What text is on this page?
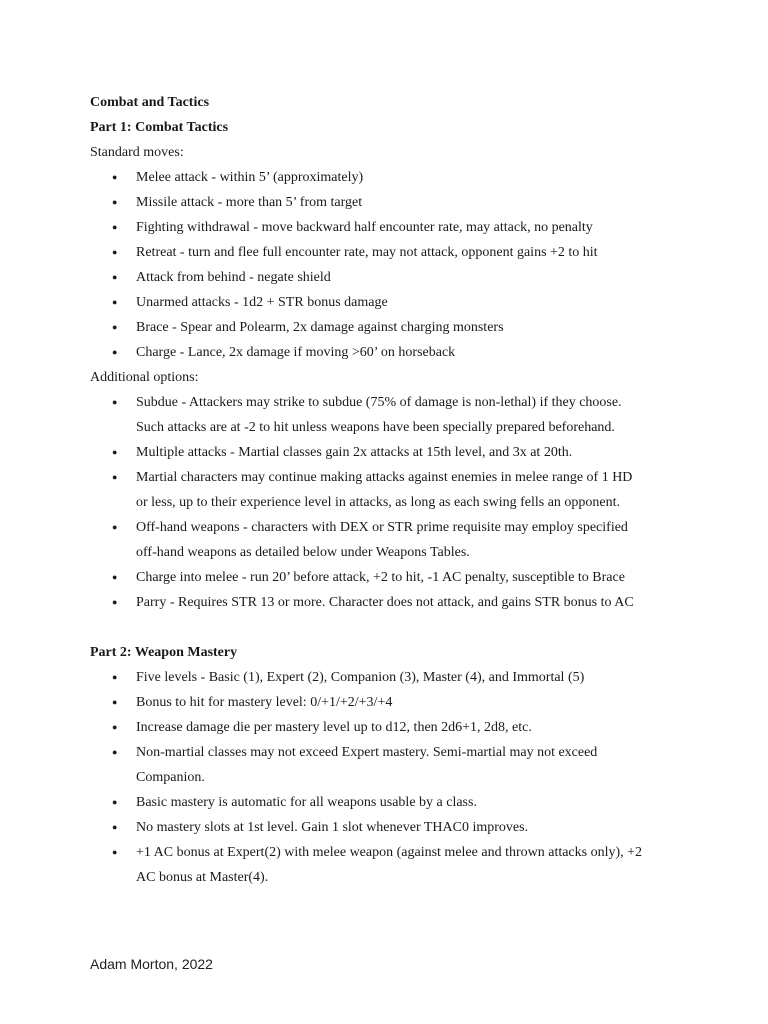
Combat and Tactics
Part 1: Combat Tactics
Standard moves:
● Melee attack - within 5’ (approximately)
● Missile attack - more than 5’ from target
● Fighting withdrawal - move backward half encounter rate, may attack, no penalty
● Retreat - turn and flee full encounter rate, may not attack, opponent gains +2 to hit
● Attack from behind - negate shield
● Unarmed attacks - 1d2 + STR bonus damage
● Brace - Spear and Polearm, 2x damage against charging monsters
● Charge - Lance, 2x damage if moving >60’ on horseback
Additional options:
● Subdue - Attackers may strike to subdue (75% of damage is non-lethal) if they choose.
Such attacks are at -2 to hit unless weapons have been specially prepared beforehand.
● Multiple attacks - Martial classes gain 2x attacks at 15th level, and 3x at 20th.
● Martial characters may continue making attacks against enemies in melee range of 1 HD
or less, up to their experience level in attacks, as long as each swing fells an opponent.
● Off-hand weapons - characters with DEX or STR prime requisite may employ specified
off-hand weapons as detailed below under Weapons Tables.
● Charge into melee - run 20’ before attack, +2 to hit, -1 AC penalty, susceptible to Brace
● Parry - Requires STR 13 or more. Character does not attack, and gains STR bonus to AC
Part 2: Weapon Mastery
● Five levels - Basic (1), Expert (2), Companion (3), Master (4), and Immortal (5)
● Bonus to hit for mastery level: 0/+1/+2/+3/+4
● Increase damage die per mastery level up to d12, then 2d6+1, 2d8, etc.
● Non-martial classes may not exceed Expert mastery. Semi-martial may not exceed
Companion.
● Basic mastery is automatic for all weapons usable by a class.
● No mastery slots at 1st level. Gain 1 slot whenever THAC0 improves.
● +1 AC bonus at Expert(2) with melee weapon (against melee and thrown attacks only), +2
AC bonus at Master(4).
Adam Morton, 2022
